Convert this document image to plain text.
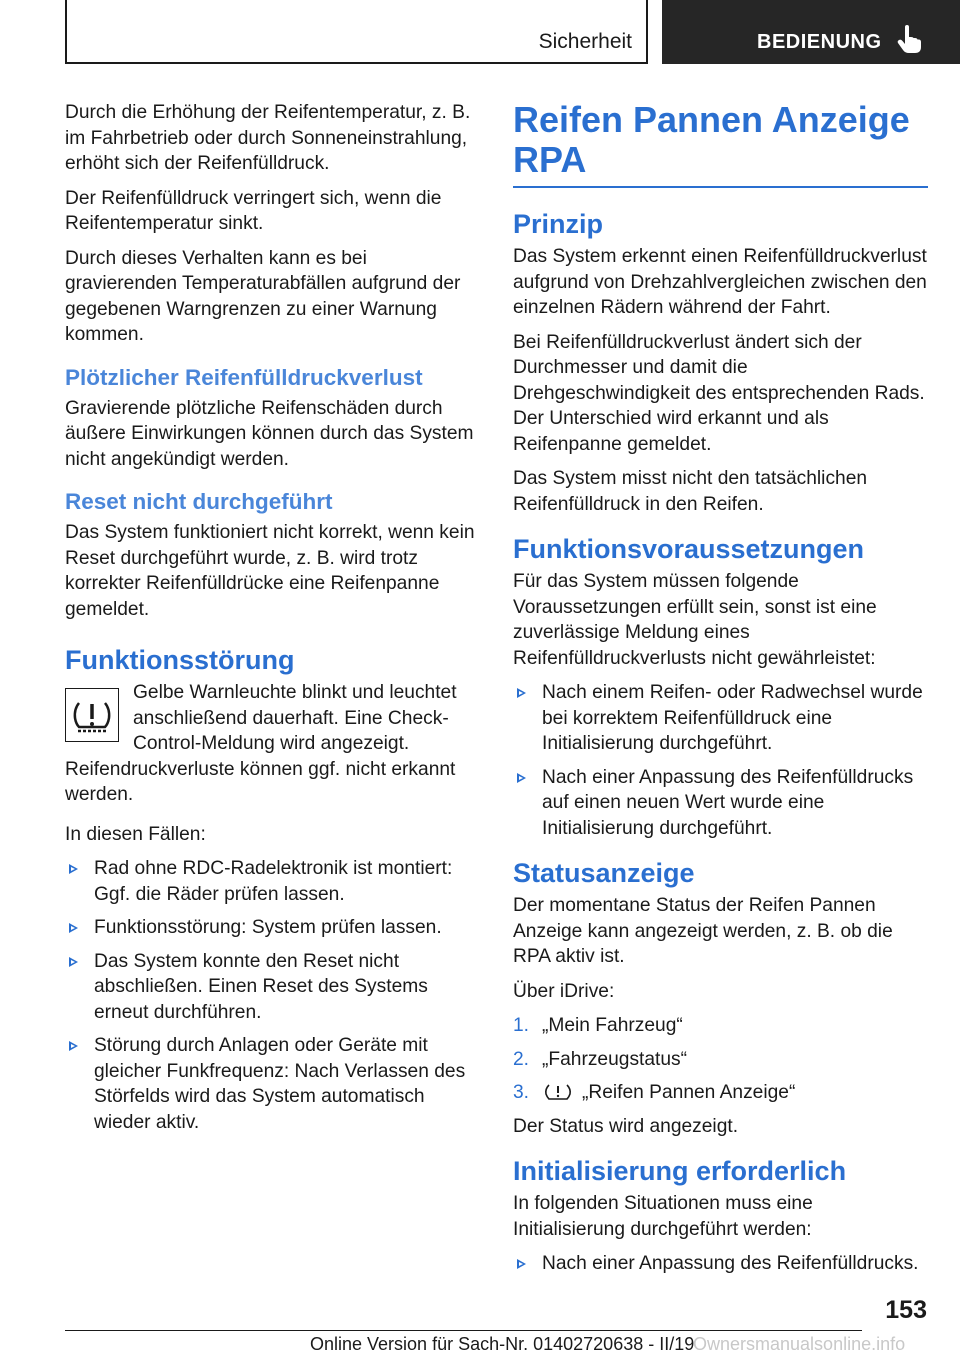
Sicherheit	BEDIENUNG

Durch die Erhöhung der Reifentemperatur, z. B. im Fahrbetrieb oder durch Sonneneinstrahlung, erhöht sich der Reifenfülldruck.

Der Reifenfülldruck verringert sich, wenn die Reifentemperatur sinkt.

Durch dieses Verhalten kann es bei gravierenden Temperaturabfällen aufgrund der gegebenen Warngrenzen zu einer Warnung kommen.

Plötzlicher Reifenfülldruckverlust

Gravierende plötzliche Reifenschäden durch äußere Einwirkungen können durch das System nicht angekündigt werden.

Reset nicht durchgeführt

Das System funktioniert nicht korrekt, wenn kein Reset durchgeführt wurde, z. B. wird trotz korrekter Reifenfülldrücke eine Reifenpanne gemeldet.

Funktionsstörung

Gelbe Warnleuchte blinkt und leuchtet anschließend dauerhaft. Eine Check-Control-Meldung wird angezeigt. Reifendruckverluste können ggf. nicht erkannt werden.

In diesen Fällen:

Rad ohne RDC-Radelektronik ist montiert: Ggf. die Räder prüfen lassen.
Funktionsstörung: System prüfen lassen.
Das System konnte den Reset nicht abschließen. Einen Reset des Systems erneut durchführen.
Störung durch Anlagen oder Geräte mit gleicher Funkfrequenz: Nach Verlassen des Störfelds wird das System automatisch wieder aktiv.
Reifen Pannen Anzeige RPA
Prinzip

Das System erkennt einen Reifenfülldruckverlust aufgrund von Drehzahlvergleichen zwischen den einzelnen Rädern während der Fahrt.

Bei Reifenfülldruckverlust ändert sich der Durchmesser und damit die Drehgeschwindigkeit des entsprechenden Rads. Der Unterschied wird erkannt und als Reifenpanne gemeldet.

Das System misst nicht den tatsächlichen Reifenfülldruck in den Reifen.

Funktionsvoraussetzungen

Für das System müssen folgende Voraussetzungen erfüllt sein, sonst ist eine zuverlässige Meldung eines Reifenfülldruckverlusts nicht gewährleistet:

Nach einem Reifen- oder Radwechsel wurde bei korrektem Reifenfülldruck eine Initialisierung durchgeführt.
Nach einer Anpassung des Reifenfülldrucks auf einen neuen Wert wurde eine Initialisierung durchgeführt.
Statusanzeige

Der momentane Status der Reifen Pannen Anzeige kann angezeigt werden, z. B. ob die RPA aktiv ist.

Über iDrive:

1. „Mein Fahrzeug“
2. „Fahrzeugstatus“
3.	„Reifen Pannen Anzeige“

Der Status wird angezeigt.

Initialisierung erforderlich

In folgenden Situationen muss eine Initialisierung durchgeführt werden:

Nach einer Anpassung des Reifenfülldrucks.
153
Online Version für Sach-Nr. 01402720638 - II/19
Ownersmanualsonline.info
